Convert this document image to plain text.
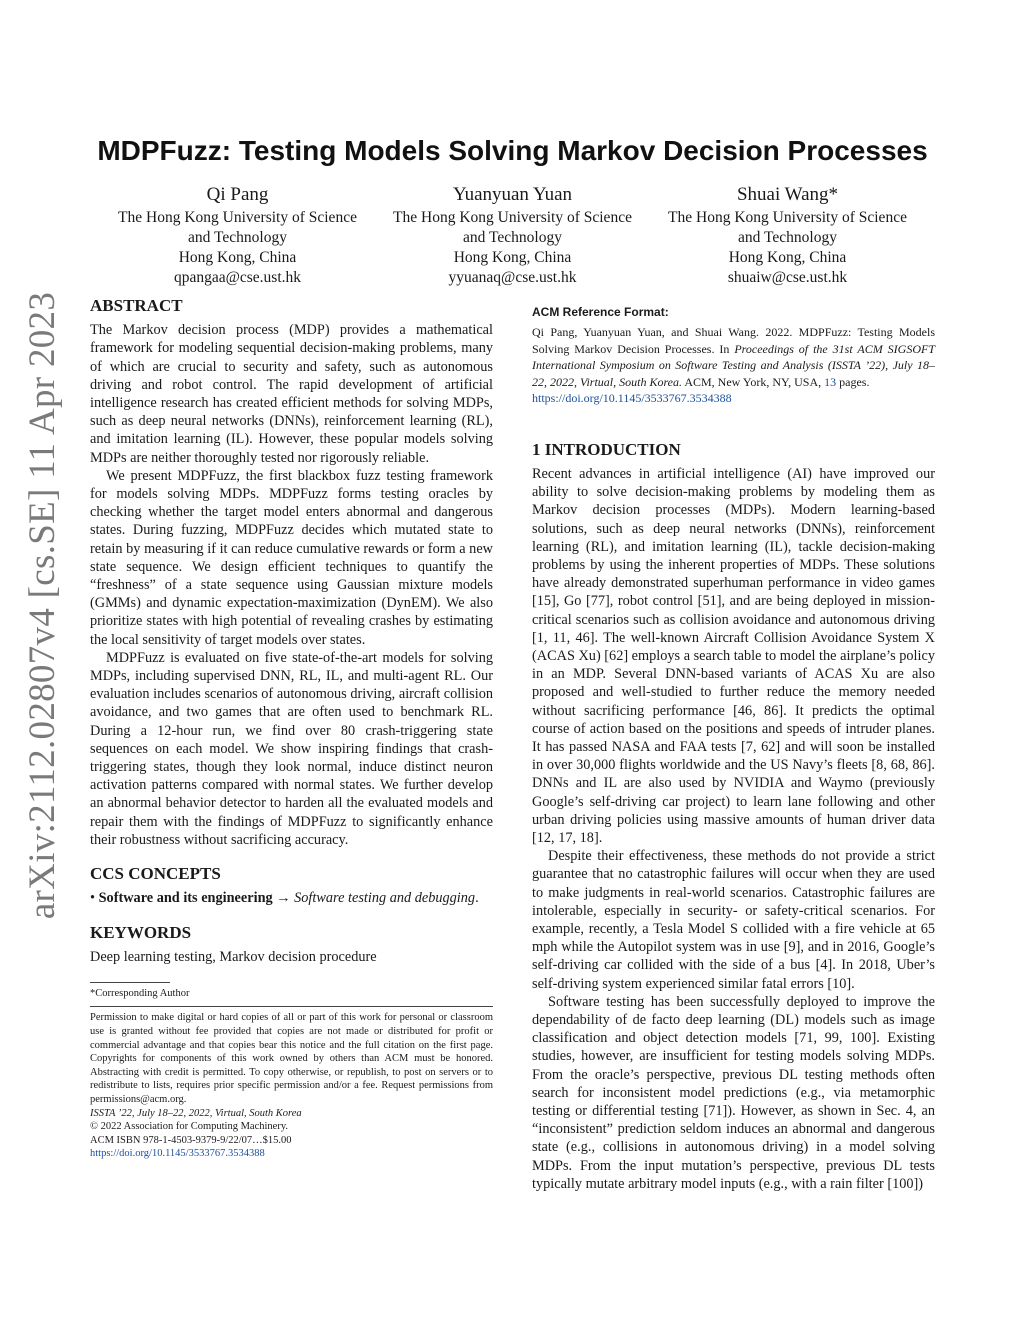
arXiv:2112.02807v4 [cs.SE] 11 Apr 2023
MDPFuzz: Testing Models Solving Markov Decision Processes
Qi Pang
The Hong Kong University of Science
and Technology
Hong Kong, China
qpangaa@cse.ust.hk
Yuanyuan Yuan
The Hong Kong University of Science
and Technology
Hong Kong, China
yyuanaq@cse.ust.hk
Shuai Wang*
The Hong Kong University of Science
and Technology
Hong Kong, China
shuaiw@cse.ust.hk
ABSTRACT

The Markov decision process (MDP) provides a mathematical framework for modeling sequential decision-making problems, many of which are crucial to security and safety, such as autonomous driving and robot control. The rapid development of artificial intelligence research has created efficient methods for solving MDPs, such as deep neural networks (DNNs), reinforcement learning (RL), and imitation learning (IL). However, these popular models solving MDPs are neither thoroughly tested nor rigorously reliable.

We present MDPFuzz, the first blackbox fuzz testing framework for models solving MDPs. MDPFuzz forms testing oracles by checking whether the target model enters abnormal and dangerous states. During fuzzing, MDPFuzz decides which mutated state to retain by measuring if it can reduce cumulative rewards or form a new state sequence. We design efficient techniques to quantify the “freshness” of a state sequence using Gaussian mixture models (GMMs) and dynamic expectation-maximization (DynEM). We also prioritize states with high potential of revealing crashes by estimating the local sensitivity of target models over states.

MDPFuzz is evaluated on five state-of-the-art models for solving MDPs, including supervised DNN, RL, IL, and multi-agent RL. Our evaluation includes scenarios of autonomous driving, aircraft collision avoidance, and two games that are often used to benchmark RL. During a 12-hour run, we find over 80 crash-triggering state sequences on each model. We show inspiring findings that crash-triggering states, though they look normal, induce distinct neuron activation patterns compared with normal states. We further develop an abnormal behavior detector to harden all the evaluated models and repair them with the findings of MDPFuzz to significantly enhance their robustness without sacrificing accuracy.

CCS CONCEPTS

• Software and its engineering → Software testing and debugging.

KEYWORDS

Deep learning testing, Markov decision procedure

*Corresponding Author
Permission to make digital or hard copies of all or part of this work for personal or classroom use is granted without fee provided that copies are not made or distributed for profit or commercial advantage and that copies bear this notice and the full citation on the first page. Copyrights for components of this work owned by others than ACM must be honored. Abstracting with credit is permitted. To copy otherwise, or republish, to post on servers or to redistribute to lists, requires prior specific permission and/or a fee. Request permissions from permissions@acm.org.
ISSTA ’22, July 18–22, 2022, Virtual, South Korea
© 2022 Association for Computing Machinery.
ACM ISBN 978-1-4503-9379-9/22/07…$15.00
https://doi.org/10.1145/3533767.3534388
ACM Reference Format:

Qi Pang, Yuanyuan Yuan, and Shuai Wang. 2022. MDPFuzz: Testing Models Solving Markov Decision Processes. In Proceedings of the 31st ACM SIGSOFT International Symposium on Software Testing and Analysis (ISSTA ’22), July 18–22, 2022, Virtual, South Korea. ACM, New York, NY, USA, 13 pages.

https://doi.org/10.1145/3533767.3534388
1 INTRODUCTION

Recent advances in artificial intelligence (AI) have improved our ability to solve decision-making problems by modeling them as Markov decision processes (MDPs). Modern learning-based solutions, such as deep neural networks (DNNs), reinforcement learning (RL), and imitation learning (IL), tackle decision-making problems by using the inherent properties of MDPs. These solutions have already demonstrated superhuman performance in video games [15], Go [77], robot control [51], and are being deployed in mission-critical scenarios such as collision avoidance and autonomous driving [1, 11, 46]. The well-known Aircraft Collision Avoidance System X (ACAS Xu) [62] employs a search table to model the airplane’s policy in an MDP. Several DNN-based variants of ACAS Xu are also proposed and well-studied to further reduce the memory needed without sacrificing performance [46, 86]. It predicts the optimal course of action based on the positions and speeds of intruder planes. It has passed NASA and FAA tests [7, 62] and will soon be installed in over 30,000 flights worldwide and the US Navy’s fleets [8, 68, 86]. DNNs and IL are also used by NVIDIA and Waymo (previously Google’s self-driving car project) to learn lane following and other urban driving policies using massive amounts of human driver data [12, 17, 18].

Despite their effectiveness, these methods do not provide a strict guarantee that no catastrophic failures will occur when they are used to make judgments in real-world scenarios. Catastrophic failures are intolerable, especially in security- or safety-critical scenarios. For example, recently, a Tesla Model S collided with a fire vehicle at 65 mph while the Autopilot system was in use [9], and in 2016, Google’s self-driving car collided with the side of a bus [4]. In 2018, Uber’s self-driving system experienced similar fatal errors [10].

Software testing has been successfully deployed to improve the dependability of de facto deep learning (DL) models such as image classification and object detection models [71, 99, 100]. Existing studies, however, are insufficient for testing models solving MDPs. From the oracle’s perspective, previous DL testing methods often search for inconsistent model predictions (e.g., via metamorphic testing or differential testing [71]). However, as shown in Sec. 4, an “inconsistent” prediction seldom induces an abnormal and dangerous state (e.g., collisions in autonomous driving) in a model solving MDPs. From the input mutation’s perspective, previous DL tests typically mutate arbitrary model inputs (e.g., with a rain filter [100])
